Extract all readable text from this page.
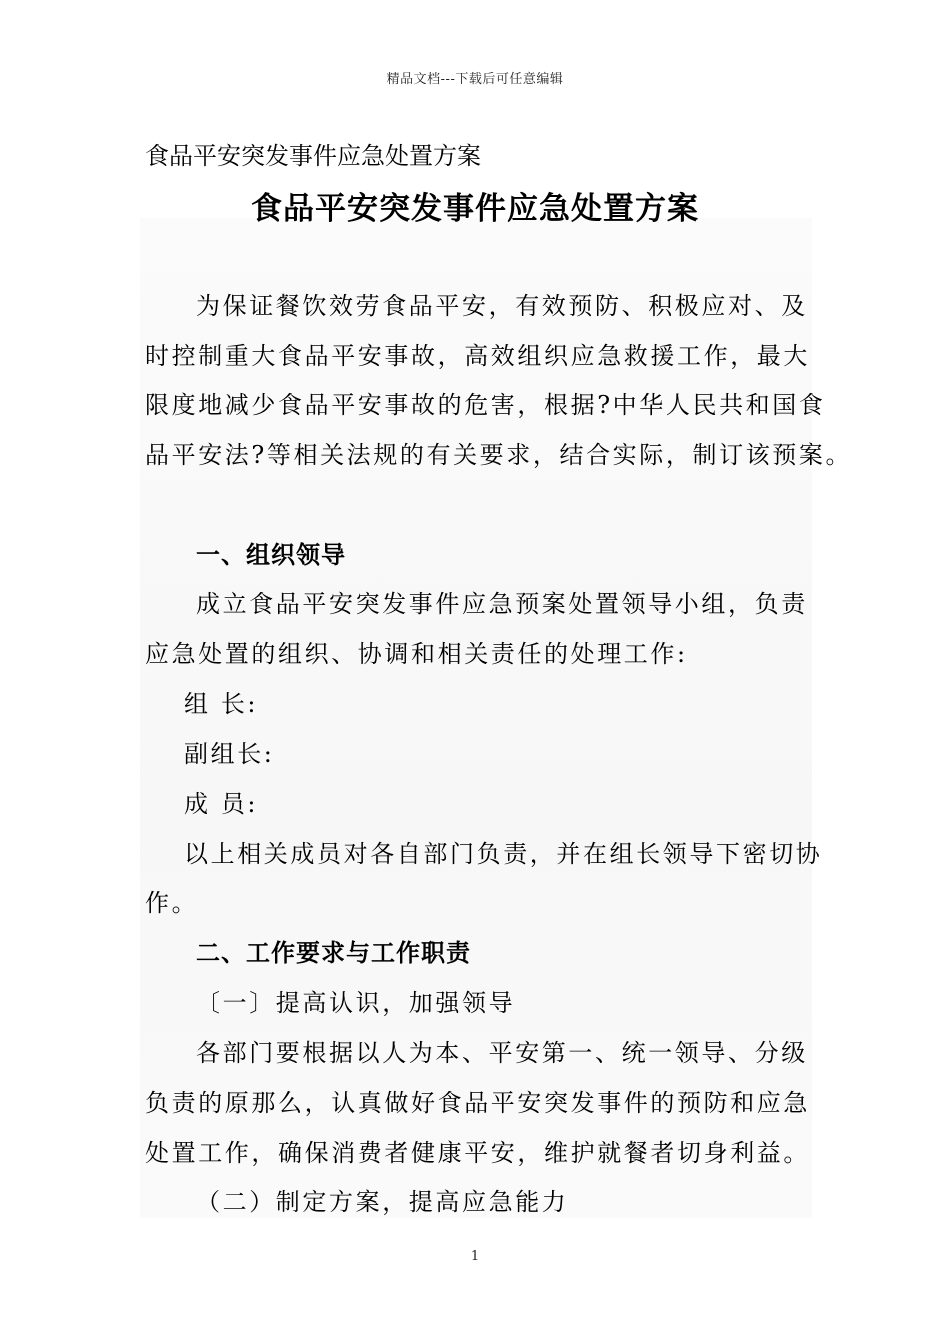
精品文档---下载后可任意编辑
食品平安突发事件应急处置方案
食品平安突发事件应急处置方案
为保证餐饮效劳食品平安，有效预防、积极应对、及
时控制重大食品平安事故，高效组织应急救援工作，最大
限度地减少食品平安事故的危害，根据?中华人民共和国食
品平安法?等相关法规的有关要求，结合实际，制订该预案。
一、组织领导
成立食品平安突发事件应急预案处置领导小组，负责
应急处置的组织、协调和相关责任的处理工作:
组 长:
副组长:
成 员:
以上相关成员对各自部门负责，并在组长领导下密切协
作。
二、工作要求与工作职责
〔一〕提高认识，加强领导
各部门要根据以人为本、平安第一、统一领导、分级
负责的原那么，认真做好食品平安突发事件的预防和应急
处置工作，确保消费者健康平安，维护就餐者切身利益。
（二）制定方案，提高应急能力
1
